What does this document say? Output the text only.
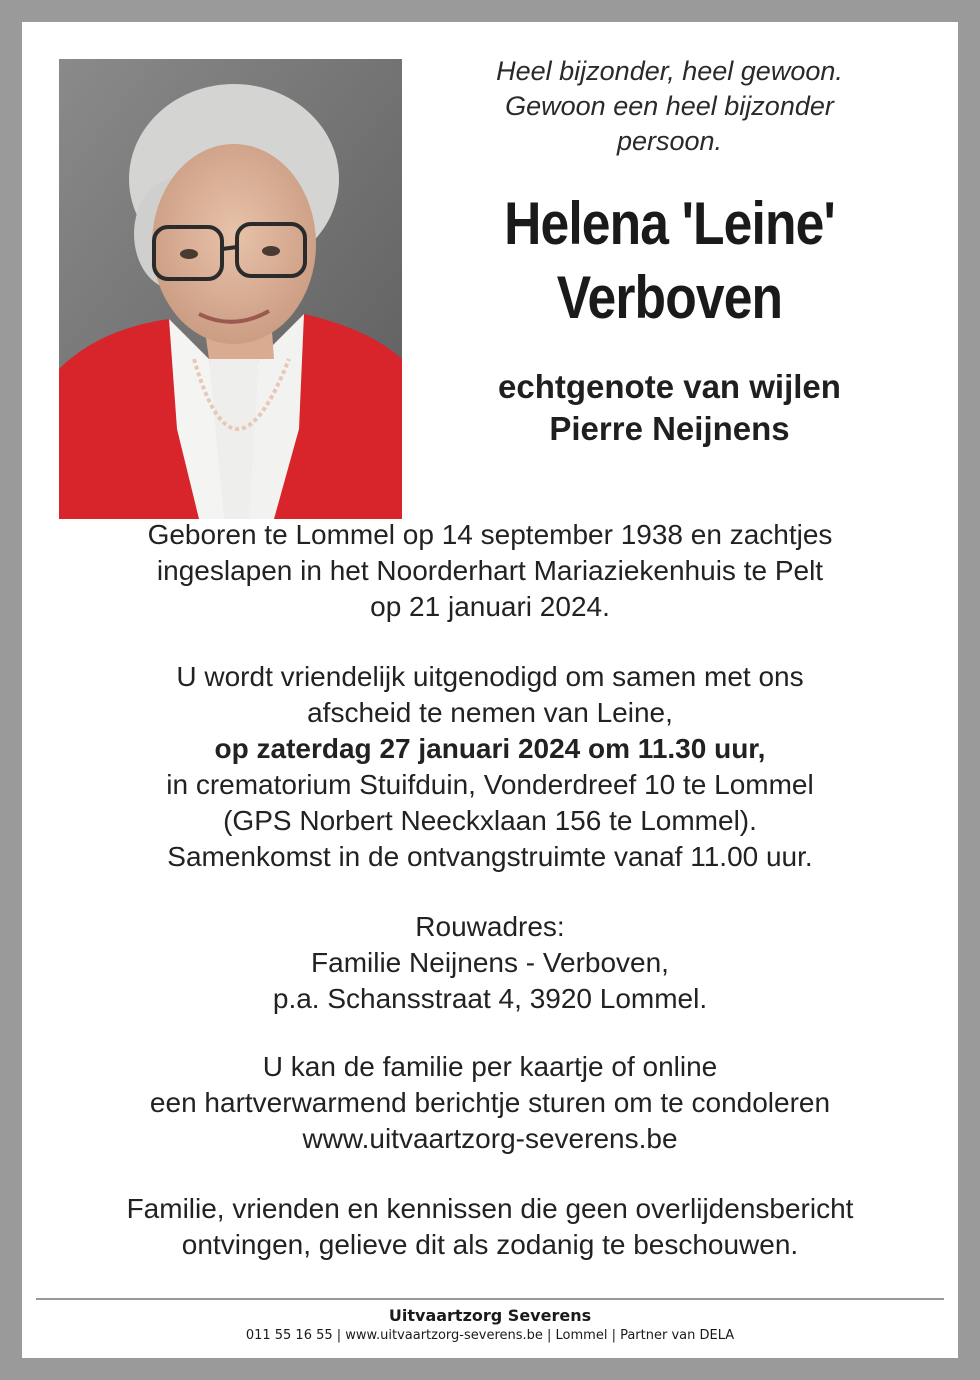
Heel bijzonder, heel gewoon.
Gewoon een heel bijzonder
persoon.
Helena 'Leine'
Verboven
echtgenote van wijlen
Pierre Neijnens
Geboren te Lommel op 14 september 1938 en zachtjes
ingeslapen in het Noorderhart Mariaziekenhuis te Pelt
op 21 januari 2024.
U wordt vriendelijk uitgenodigd om samen met ons
afscheid te nemen van Leine,
op zaterdag 27 januari 2024 om 11.30 uur,
in crematorium Stuifduin, Vonderdreef 10 te Lommel
(GPS Norbert Neeckxlaan 156 te Lommel).
Samenkomst in de ontvangstruimte vanaf 11.00 uur.
Rouwadres:
Familie Neijnens - Verboven,
p.a. Schansstraat 4, 3920 Lommel.
U kan de familie per kaartje of online
een hartverwarmend berichtje sturen om te condoleren
www.uitvaartzorg-severens.be
Familie, vrienden en kennissen die geen overlijdensbericht
ontvingen, gelieve dit als zodanig te beschouwen.
Uitvaartzorg Severens
011 55 16 55 | www.uitvaartzorg-severens.be | Lommel | Partner van DELA
